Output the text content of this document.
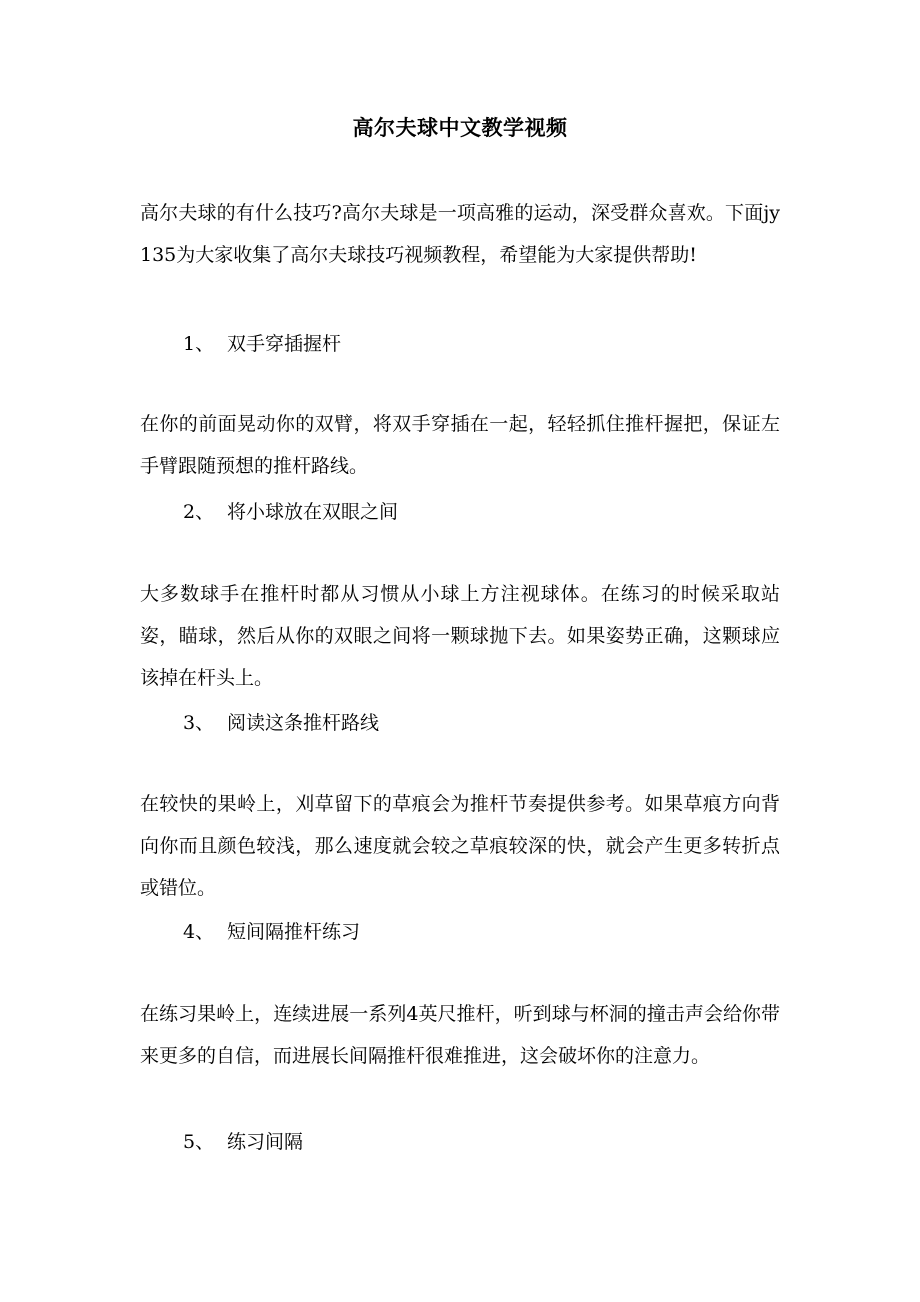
高尔夫球中文教学视频

高尔夫球的有什么技巧?高尔夫球是一项高雅的运动，深受群众喜欢。下面jy135为大家收集了高尔夫球技巧视频教程，希望能为大家提供帮助!

1、 双手穿插握杆

在你的前面晃动你的双臂，将双手穿插在一起，轻轻抓住推杆握把，保证左手臂跟随预想的推杆路线。

2、 将小球放在双眼之间

大多数球手在推杆时都从习惯从小球上方注视球体。在练习的时候采取站姿，瞄球，然后从你的双眼之间将一颗球抛下去。如果姿势正确，这颗球应该掉在杆头上。

3、 阅读这条推杆路线

在较快的果岭上，刈草留下的草痕会为推杆节奏提供参考。如果草痕方向背向你而且颜色较浅，那么速度就会较之草痕较深的快，就会产生更多转折点或错位。

4、 短间隔推杆练习

在练习果岭上，连续进展一系列4英尺推杆，听到球与杯洞的撞击声会给你带来更多的自信，而进展长间隔推杆很难推进，这会破坏你的注意力。

5、 练习间隔
